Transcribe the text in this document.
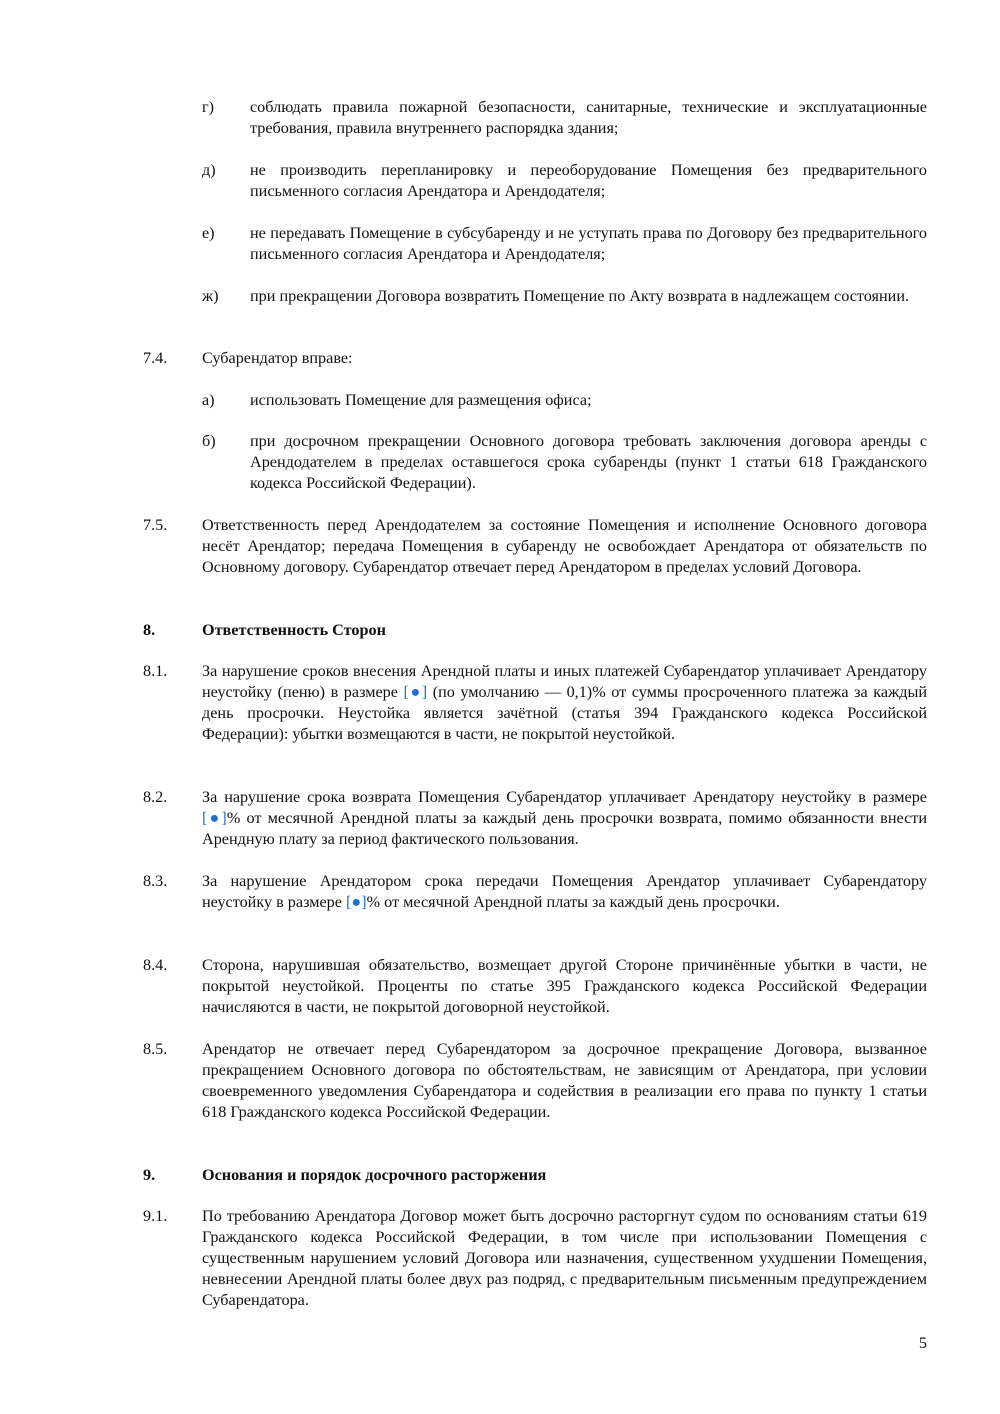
г) соблюдать правила пожарной безопасности, санитарные, технические и эксплуатационные требования, правила внутреннего распорядка здания;
д) не производить перепланировку и переоборудование Помещения без предварительного письменного согласия Арендатора и Арендодателя;
е) не передавать Помещение в субсубаренду и не уступать права по Договору без предварительного письменного согласия Арендатора и Арендодателя;
ж) при прекращении Договора возвратить Помещение по Акту возврата в надлежащем состоянии.
7.4. Субарендатор вправе:
а) использовать Помещение для размещения офиса;
б) при досрочном прекращении Основного договора требовать заключения договора аренды с Арендодателем в пределах оставшегося срока субаренды (пункт 1 статьи 618 Гражданского кодекса Российской Федерации).
7.5. Ответственность перед Арендодателем за состояние Помещения и исполнение Основного договора несёт Арендатор; передача Помещения в субаренду не освобождает Арендатора от обязательств по Основному договору. Субарендатор отвечает перед Арендатором в пределах условий Договора.
8.	Ответственность Сторон
8.1. За нарушение сроков внесения Арендной платы и иных платежей Субарендатор уплачивает Арендатору неустойку (пеню) в размере [●] (по умолчанию — 0,1)% от суммы просроченного платежа за каждый день просрочки. Неустойка является зачётной (статья 394 Гражданского кодекса Российской Федерации): убытки возмещаются в части, не покрытой неустойкой.
8.2. За нарушение срока возврата Помещения Субарендатор уплачивает Арендатору неустойку в размере [●]% от месячной Арендной платы за каждый день просрочки возврата, помимо обязанности внести Арендную плату за период фактического пользования.
8.3. За нарушение Арендатором срока передачи Помещения Арендатор уплачивает Субарендатору неустойку в размере [●]% от месячной Арендной платы за каждый день просрочки.
8.4. Сторона, нарушившая обязательство, возмещает другой Стороне причинённые убытки в части, не покрытой неустойкой. Проценты по статье 395 Гражданского кодекса Российской Федерации начисляются в части, не покрытой договорной неустойкой.
8.5. Арендатор не отвечает перед Субарендатором за досрочное прекращение Договора, вызванное прекращением Основного договора по обстоятельствам, не зависящим от Арендатора, при условии своевременного уведомления Субарендатора и содействия в реализации его права по пункту 1 статьи 618 Гражданского кодекса Российской Федерации.
9.	Основания и порядок досрочного расторжения
9.1. По требованию Арендатора Договор может быть досрочно расторгнут судом по основаниям статьи 619 Гражданского кодекса Российской Федерации, в том числе при использовании Помещения с существенным нарушением условий Договора или назначения, существенном ухудшении Помещения, невнесении Арендной платы более двух раз подряд, с предварительным письменным предупреждением Субарендатора.
5
